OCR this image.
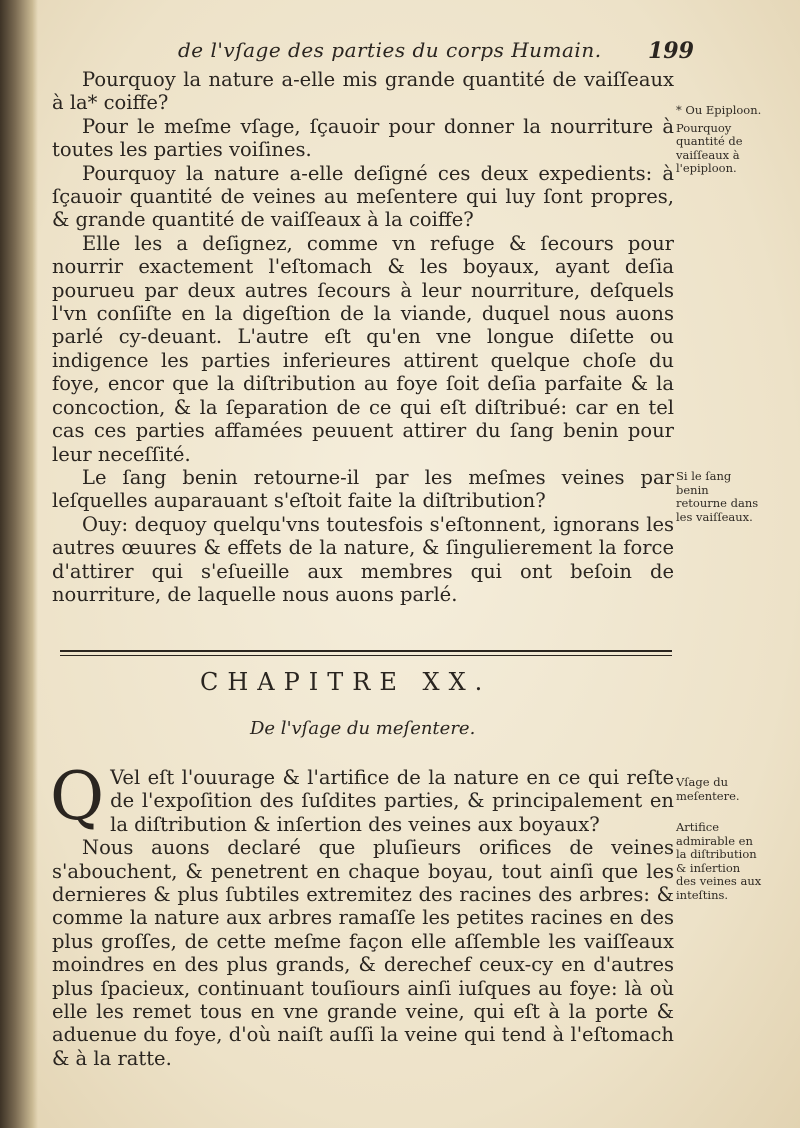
de l'vſage des parties du corps Humain.	199

Pourquoy la nature a-elle mis grande quantité de vaiſſeaux à la* coiffe?

Pour le meſme vſage, ſçauoir pour donner la nourriture à toutes les parties voiſines.

Pourquoy la nature a-elle deſigné ces deux expedients: à ſçauoir quantité de veines au meſentere qui luy ſont propres, & grande quantité de vaiſſeaux à la coiffe?

Elle les a deſignez, comme vn refuge & ſecours pour nourrir exactement l'eſtomach & les boyaux, ayant deſia pourueu par deux autres ſecours à leur nourriture, deſquels l'vn conſiſte en la digeſtion de la viande, duquel nous auons parlé cy-deuant. L'autre eſt qu'en vne longue diſette ou indigence les parties inferieures attirent quelque choſe du foye, encor que la diſtribution au foye ſoit deſia parfaite & la concoction, & la ſeparation de ce qui eſt diſtribué: car en tel cas ces parties affamées peuuent attirer du ſang benin pour leur neceſſité.

Le ſang benin retourne-il par les meſmes veines par leſquelles auparauant s'eſtoit faite la diſtribution?

Ouy: dequoy quelqu'vns toutesfois s'eſtonnent, ignorans les autres œuures & effets de la nature, & ſingulierement la force d'attirer qui s'eſueille aux membres qui ont beſoin de nourriture, de laquelle nous auons parlé.

* Ou Epiploon.
Pourquoy quantité de vaiſſeaux à l'epiploon.
Si le ſang benin retourne dans les vaiſſeaux.
CHAPITRE XX.
De l'vſage du meſentere.

Q Vel eſt l'ouurage & l'artifice de la nature en ce qui reſte de l'expoſition des ſuſdites parties, & principalement en la diſtribution & inſertion des veines aux boyaux?

Nous auons declaré que pluſieurs orifices de veines s'abouchent, & penetrent en chaque boyau, tout ainſi que les dernieres & plus ſubtiles extremitez des racines des arbres: & comme la nature aux arbres ramaſſe les petites racines en des plus groſſes, de cette meſme façon elle aſſemble les vaiſſeaux moindres en des plus grands, & derechef ceux-cy en d'autres plus ſpacieux, continuant touſiours ainſi iuſques au foye: là où elle les remet tous en vne grande veine, qui eſt à la porte & aduenue du foye, d'où naiſt auſſi la veine qui tend à l'eſtomach & à la ratte.

Vſage du meſentere.
Artifice admirable en la diſtribution & inſertion des veines aux inteſtins.
